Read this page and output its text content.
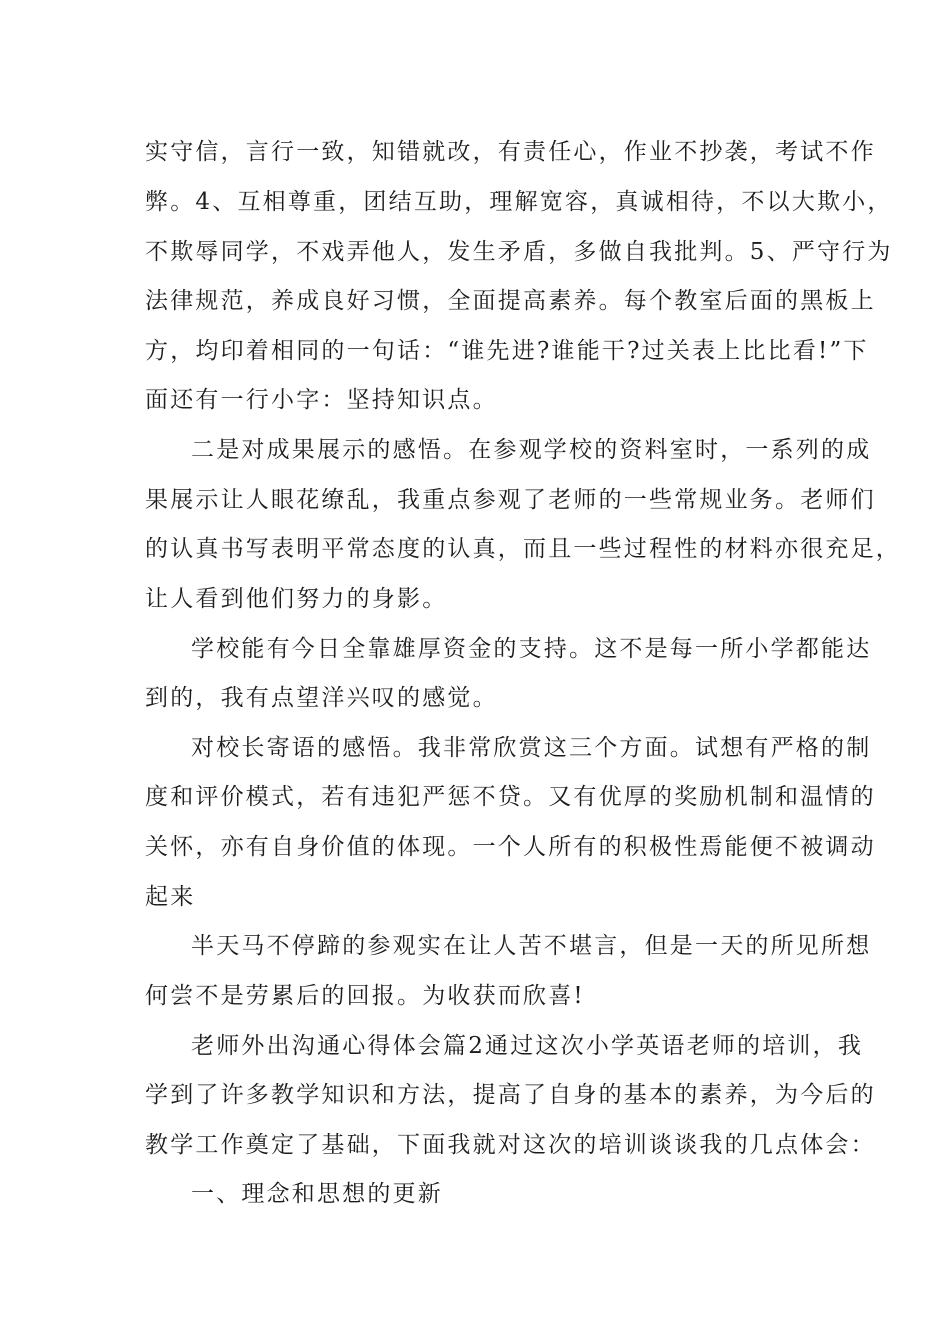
实守信，言行一致，知错就改，有责任心，作业不抄袭，考试不作

弊。4、互相尊重，团结互助，理解宽容，真诚相待，不以大欺小，

不欺辱同学，不戏弄他人，发生矛盾，多做自我批判。5、严守行为

法律规范，养成良好习惯，全面提高素养。每个教室后面的黑板上

方，均印着相同的一句话：“谁先进?谁能干?过关表上比比看!”下

面还有一行小字：坚持知识点。

二是对成果展示的感悟。在参观学校的资料室时，一系列的成

果展示让人眼花缭乱，我重点参观了老师的一些常规业务。老师们

的认真书写表明平常态度的认真，而且一些过程性的材料亦很充足，

让人看到他们努力的身影。

学校能有今日全靠雄厚资金的支持。这不是每一所小学都能达

到的，我有点望洋兴叹的感觉。

对校长寄语的感悟。我非常欣赏这三个方面。试想有严格的制

度和评价模式，若有违犯严惩不贷。又有优厚的奖励机制和温情的

关怀，亦有自身价值的体现。一个人所有的积极性焉能便不被调动

起来

半天马不停蹄的参观实在让人苦不堪言，但是一天的所见所想

何尝不是劳累后的回报。为收获而欣喜!

老师外出沟通心得体会篇2通过这次小学英语老师的培训，我

学到了许多教学知识和方法，提高了自身的基本的素养，为今后的

教学工作奠定了基础，下面我就对这次的培训谈谈我的几点体会：

一、理念和思想的更新
